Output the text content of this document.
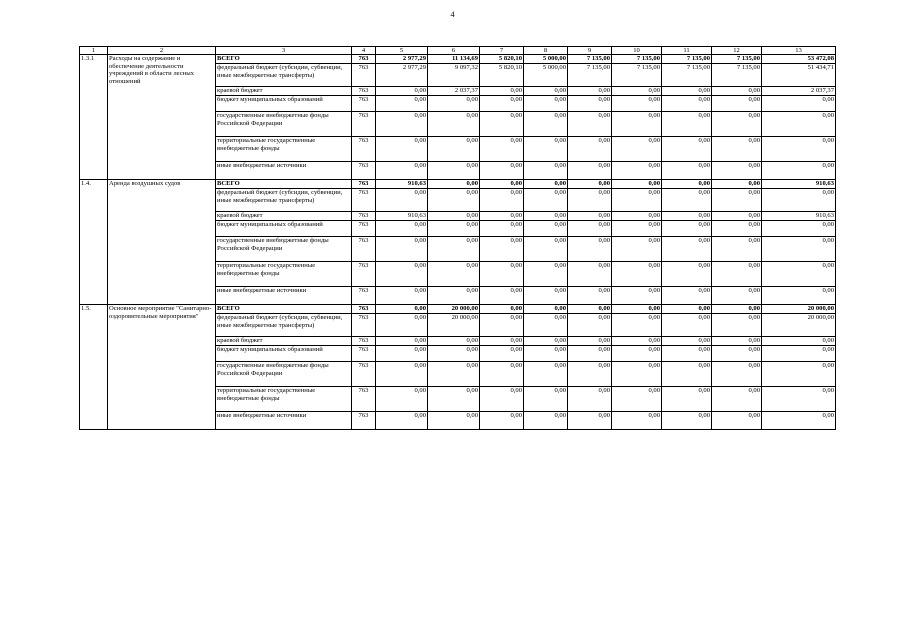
4
1	2	3	4	5	6	7	8	9	10	11	12	13
1.3.1	Расходы на содержание и обеспечение деятельности учреждений в области лесных отношений	ВСЕГО	763	2 977,29	11 134,69	5 820,10	5 000,00	7 135,00	7 135,00	7 135,00	7 135,00	53 472,08
		федеральный бюджет (субсидии, субвенции, иные межбюджетные трансферты)	763	2 977,29	9 097,32	5 820,10	5 000,00	7 135,00	7 135,00	7 135,00	7 135,00	51 434,71
		краевой бюджет	763	0,00	2 037,37	0,00	0,00	0,00	0,00	0,00	0,00	2 037,37
		бюджет муниципальных образований	763	0,00	0,00	0,00	0,00	0,00	0,00	0,00	0,00	0,00
		государственные внебюджетные фонды Российской Федерации	763	0,00	0,00	0,00	0,00	0,00	0,00	0,00	0,00	0,00
		территориальные государственные внебюджетные фонды	763	0,00	0,00	0,00	0,00	0,00	0,00	0,00	0,00	0,00
		иные внебюджетные источники	763	0,00	0,00	0,00	0,00	0,00	0,00	0,00	0,00	0,00
1.4.	Аренда воздушных судов	ВСЕГО	763	910,63	0,00	0,00	0,00	0,00	0,00	0,00	0,00	910,63
		федеральный бюджет (субсидии, субвенции, иные межбюджетные трансферты)	763	0,00	0,00	0,00	0,00	0,00	0,00	0,00	0,00	0,00
		краевой бюджет	763	910,63	0,00	0,00	0,00	0,00	0,00	0,00	0,00	910,63
		бюджет муниципальных образований	763	0,00	0,00	0,00	0,00	0,00	0,00	0,00	0,00	0,00
		государственные внебюджетные фонды Российской Федерации	763	0,00	0,00	0,00	0,00	0,00	0,00	0,00	0,00	0,00
		территориальные государственные внебюджетные фонды	763	0,00	0,00	0,00	0,00	0,00	0,00	0,00	0,00	0,00
		иные внебюджетные источники	763	0,00	0,00	0,00	0,00	0,00	0,00	0,00	0,00	0,00
1.5.	Основное мероприятие "Санитарно-оздоровительные мероприятия"	ВСЕГО	763	0,00	20 000,00	0,00	0,00	0,00	0,00	0,00	0,00	20 000,00
		федеральный бюджет (субсидии, субвенции, иные межбюджетные трансферты)	763	0,00	20 000,00	0,00	0,00	0,00	0,00	0,00	0,00	20 000,00
		краевой бюджет	763	0,00	0,00	0,00	0,00	0,00	0,00	0,00	0,00	0,00
		бюджет муниципальных образований	763	0,00	0,00	0,00	0,00	0,00	0,00	0,00	0,00	0,00
		государственные внебюджетные фонды Российской Федерации	763	0,00	0,00	0,00	0,00	0,00	0,00	0,00	0,00	0,00
		территориальные государственные внебюджетные фонды	763	0,00	0,00	0,00	0,00	0,00	0,00	0,00	0,00	0,00
		иные внебюджетные источники	763	0,00	0,00	0,00	0,00	0,00	0,00	0,00	0,00	0,00
